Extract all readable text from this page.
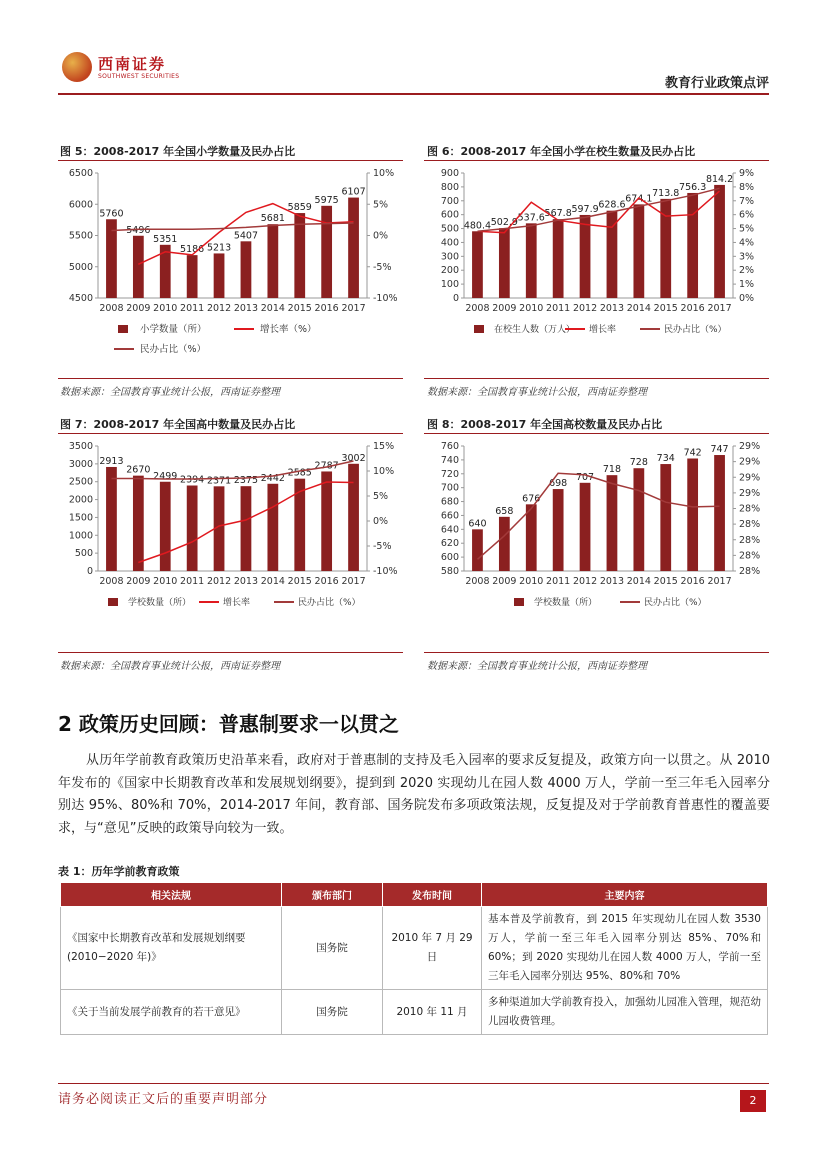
西南证券
SOUTHWEST SECURITIES	教育行业政策点评
图 5：2008-2017 年全国小学数量及民办占比	图 6：2008-2017 年全国小学在校生数量及民办占比
6500
6000
5500
5000
4500
10%
5%
0%
-5%
-10%
2008 2009 2010 2011 2012 2013 2014 2015 2016 2017
5760
5496
5351
5186 5213
5407
5681
5859
5975
6107
小学数量（所）	增长率（%）
民办占比（%）
900
800
700
600
500
400
300
200
100
0
9%
8%
7%
6%
5%
4%
3%
2%
1%
0%
2008 2009 2010 2011 2012 2013 2014 2015 2016 2017
480.4 502.9 537.6 567.8 597.9 628.6
674.1
713.8
756.3
814.2
在校生人数（万人） 增长率	民办占比（%）
数据来源：全国教育事业统计公报，西南证券整理	数据来源：全国教育事业统计公报，西南证券整理
图 7：2008-2017 年全国高中数量及民办占比	图 8：2008-2017 年全国高校数量及民办占比
3500
3000
2500
2000
1500
1000
500
0
15%
10%
5%
0%
-5%
-10%
2008 2009 2010 2011 2012 2013 2014 2015 2016 2017
2913
2670
2499 2394 2371 2375 2442 2585
2787
3002
学校数量（所）	增长率	民办占比（%）
760
740
720
700
680
660
640
620
600
580
29%
29%
29%
29%
28%
28%
28%
28%
28%
2008 2009 2010 2011 2012 2013 2014 2015 2016 2017
640
658
676
698
707
718
728 734
742 747
学校数量（所）	民办占比（%）
数据来源：全国教育事业统计公报，西南证券整理	数据来源：全国教育事业统计公报，西南证券整理
2 政策历史回顾：普惠制要求一以贯之
从历年学前教育政策历史沿革来看，政府对于普惠制的支持及毛入园率的要求反复提及，政策方向一以贯之。从 2010 年发布的《国家中长期教育改革和发展规划纲要》，提到到 2020 实现幼儿在园人数 4000 万人，学前一至三年毛入园率分别达 95%、80%和 70%，2014-2017 年间，教育部、国务院发布多项政策法规，反复提及对于学前教育普惠性的覆盖要求，与“意见”反映的政策导向较为一致。
表 1：历年学前教育政策
相关法规	颁布部门	发布时间	主要内容
《国家中长期教育改革和发展规划纲要(2010−2020 年)》	国务院	2010 年 7 月 29 日	基本普及学前教育，到 2015 年实现幼儿在园人数 3530 万人，学前一至三年毛入园率分别达 85%、70%和 60%；到 2020 实现幼儿在园人数 4000 万人，学前一至三年毛入园率分别达 95%、80%和 70%
《关于当前发展学前教育的若干意见》	国务院	2010 年 11 月	多种渠道加大学前教育投入，加强幼儿园准入管理，规范幼儿园收费管理。
请务必阅读正文后的重要声明部分	2
